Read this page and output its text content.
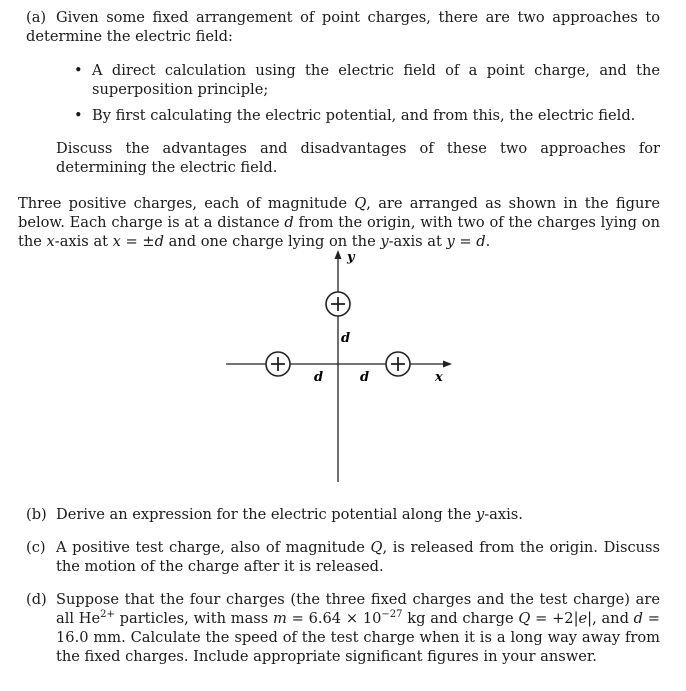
(a) Given some fixed arrangement of point charges, there are two approaches to determine the electric field:

• A direct calculation using the electric field of a point charge, and the superposition principle;
• By first calculating the electric potential, and from this, the electric field.

Discuss the advantages and disadvantages of these two approaches for determining the electric field.

Three positive charges, each of magnitude Q, are arranged as shown in the figure below. Each charge is at a distance d from the origin, with two of the charges lying on the x-axis at x = ±d and one charge lying on the y-axis at y = d.

y
x
d
d	d

(b) Derive an expression for the electric potential along the y-axis.

(c) A positive test charge, also of magnitude Q, is released from the origin. Discuss the motion of the charge after it is released.
(d) Suppose that the four charges (the three fixed charges and the test charge) are all $He^{2+}$ particles, with mass $m = 6.64 \times 10^{-27}$ kg and charge Q = +2|e|, and d = 16.0 mm. Calculate the speed of the test charge when it is a long way away from the fixed charges. Include appropriate significant figures in your answer.
